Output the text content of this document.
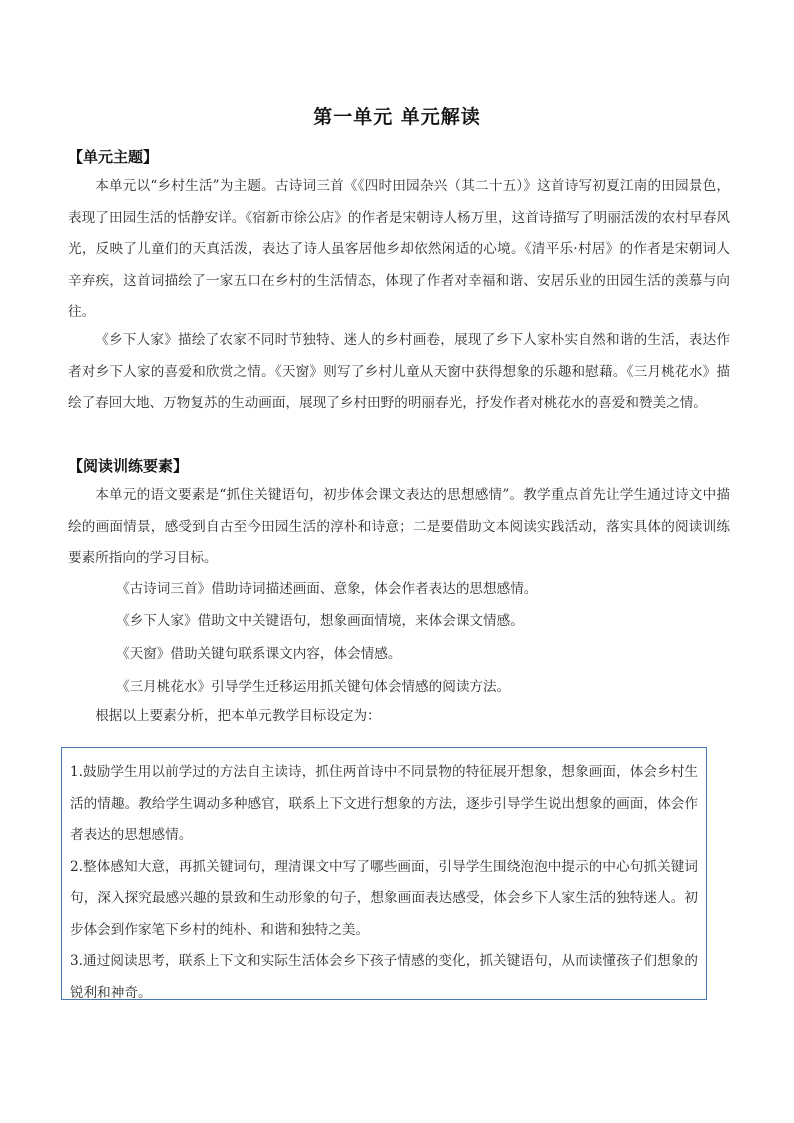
第一单元 单元解读
【单元主题】

本单元以“乡村生活”为主题。古诗词三首《《四时田园杂兴（其二十五）》这首诗写初夏江南的田园景色，表现了田园生活的恬静安详。《宿新市徐公店》的作者是宋朝诗人杨万里，这首诗描写了明丽活泼的农村早春风光，反映了儿童们的天真活泼，表达了诗人虽客居他乡却依然闲适的心境。《清平乐·村居》的作者是宋朝词人辛弃疾，这首词描绘了一家五口在乡村的生活情态，体现了作者对幸福和谐、安居乐业的田园生活的羡慕与向往。

《乡下人家》描绘了农家不同时节独特、迷人的乡村画卷，展现了乡下人家朴实自然和谐的生活，表达作者对乡下人家的喜爱和欣赏之情。《天窗》则写了乡村儿童从天窗中获得想象的乐趣和慰藉。《三月桃花水》描绘了春回大地、万物复苏的生动画面，展现了乡村田野的明丽春光，抒发作者对桃花水的喜爱和赞美之情。

【阅读训练要素】

本单元的语文要素是“抓住关键语句，初步体会课文表达的思想感情”。教学重点首先让学生通过诗文中描绘的画面情景，感受到自古至今田园生活的淳朴和诗意；二是要借助文本阅读实践活动，落实具体的阅读训练要素所指向的学习目标。

《古诗词三首》借助诗词描述画面、意象，体会作者表达的思想感情。
《乡下人家》借助文中关键语句，想象画面情境，来体会课文情感。
《天窗》借助关键句联系课文内容，体会情感。
《三月桃花水》引导学生迁移运用抓关键句体会情感的阅读方法。

根据以上要素分析，把本单元教学目标设定为：

1.鼓励学生用以前学过的方法自主读诗，抓住两首诗中不同景物的特征展开想象，想象画面，体会乡村生活的情趣。教给学生调动多种感官，联系上下文进行想象的方法，逐步引导学生说出想象的画面，体会作者表达的思想感情。

2.整体感知大意，再抓关键词句，理清课文中写了哪些画面，引导学生围绕泡泡中提示的中心句抓关键词句，深入探究最感兴趣的景致和生动形象的句子，想象画面表达感受，体会乡下人家生活的独特迷人。初步体会到作家笔下乡村的纯朴、和谐和独特之美。

3.通过阅读思考，联系上下文和实际生活体会乡下孩子情感的变化，抓关键语句，从而读懂孩子们想象的锐利和神奇。
